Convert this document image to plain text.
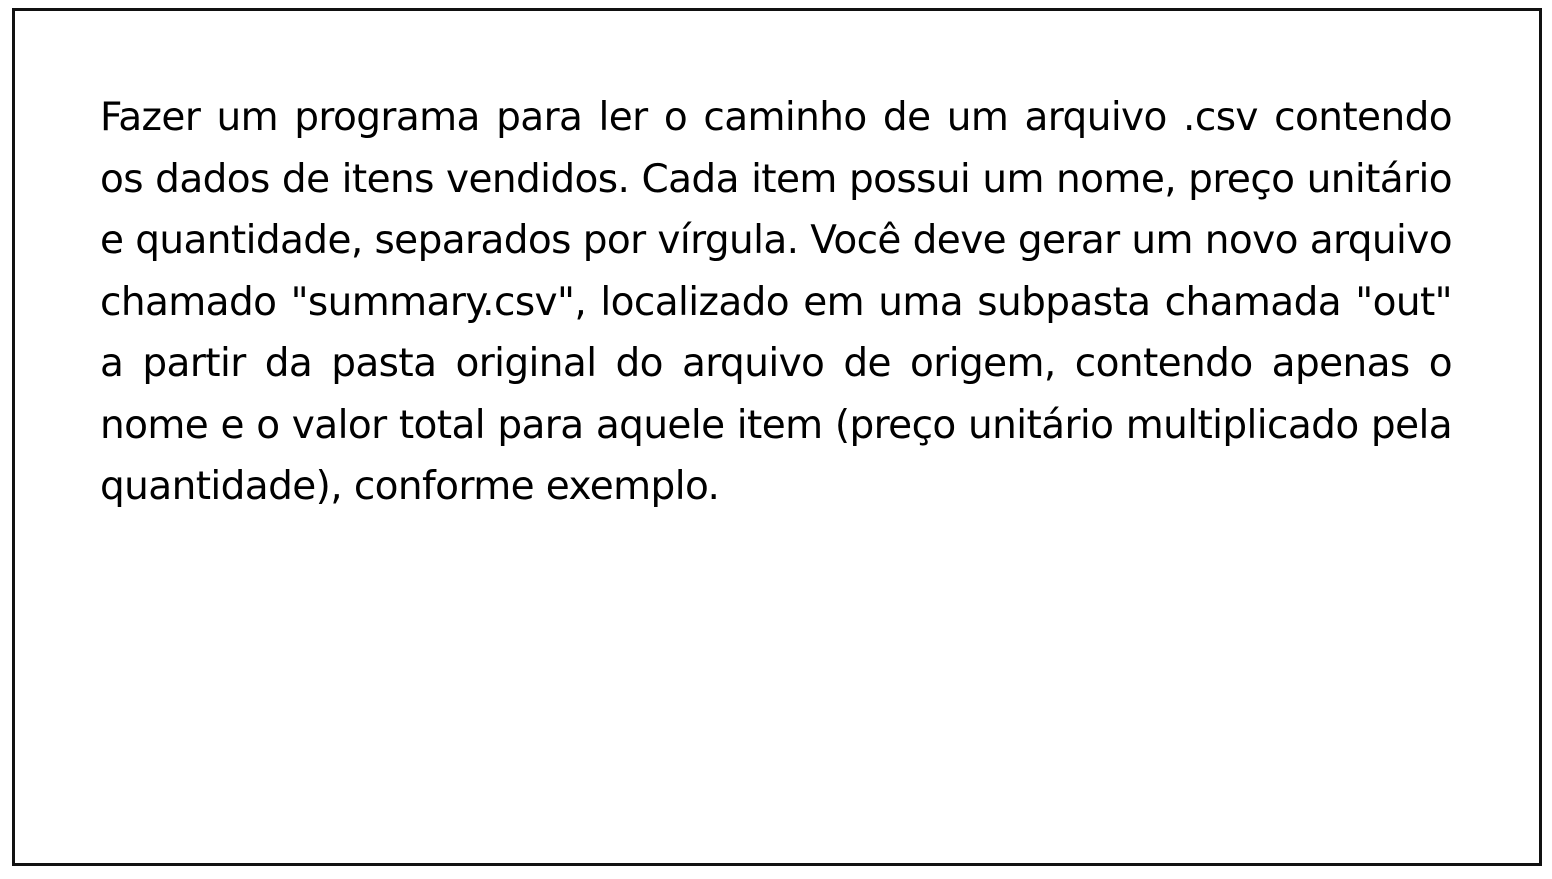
Fazer um programa para ler o caminho de um arquivo .csv contendo os dados de itens vendidos. Cada item possui um nome, preço unitário e quantidade, separados por vírgula. Você deve gerar um novo arquivo chamado "summary.csv", localizado em uma subpasta chamada "out" a partir da pasta original do arquivo de origem, contendo apenas o nome e o valor total para aquele item (preço unitário multiplicado pela quantidade), conforme exemplo.
